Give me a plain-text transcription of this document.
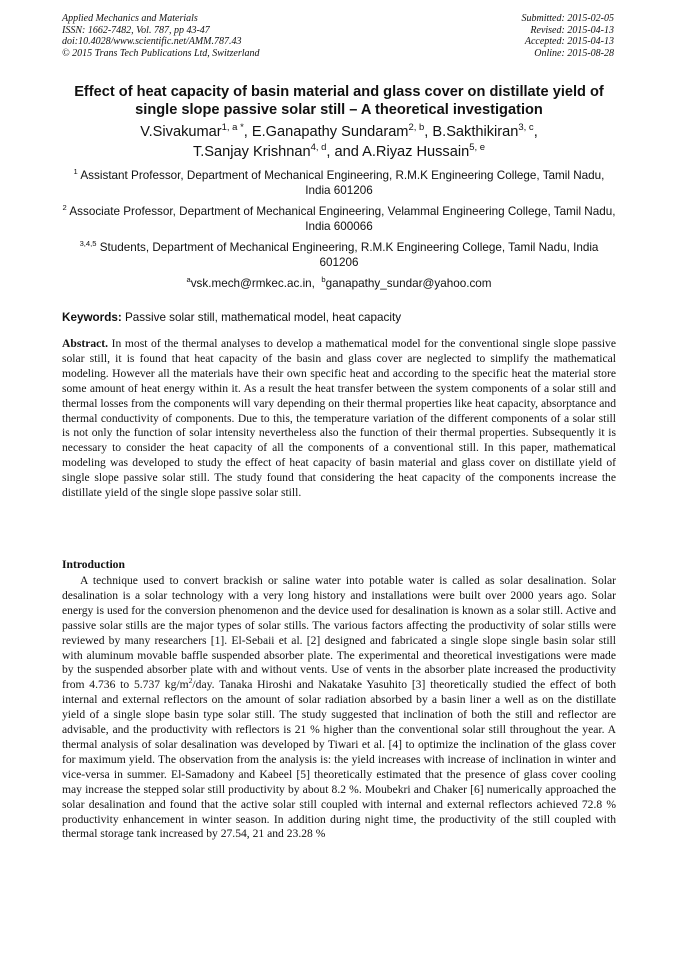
Applied Mechanics and Materials
ISSN: 1662-7482, Vol. 787, pp 43-47
doi:10.4028/www.scientific.net/AMM.787.43
© 2015 Trans Tech Publications Ltd, Switzerland
Submitted: 2015-02-05
Revised: 2015-04-13
Accepted: 2015-04-13
Online: 2015-08-28
Effect of heat capacity of basin material and glass cover on distillate yield of single slope passive solar still – A theoretical investigation
V.Sivakumar$^{1, a *}$, E.Ganapathy Sundaram$^{2, b}$, B.Sakthikiran$^{3, c}$,
T.Sanjay Krishnan$^{4, d}$, and A.Riyaz Hussain$^{5, e}$
$^1$ Assistant Professor, Department of Mechanical Engineering, R.M.K Engineering College, Tamil Nadu, India 601206
$^2$ Associate Professor, Department of Mechanical Engineering, Velammal Engineering College, Tamil Nadu, India 600066
$^{3,4,5}$ Students, Department of Mechanical Engineering, R.M.K Engineering College, Tamil Nadu, India 601206
$^a$vsk.mech@rmkec.ac.in,  $^b$ganapathy_sundar@yahoo.com
Keywords: Passive solar still, mathematical model, heat capacity
Abstract. In most of the thermal analyses to develop a mathematical model for the conventional single slope passive solar still, it is found that heat capacity of the basin and glass cover are neglected to simplify the mathematical modeling. However all the materials have their own specific heat and according to the specific heat the material store some amount of heat energy within it. As a result the heat transfer between the system components of a solar still and thermal losses from the components will vary depending on their thermal properties like heat capacity, absorptance and thermal conductivity of components. Due to this, the temperature variation of the different components of a solar still is not only the function of solar intensity nevertheless also the function of their thermal properties. Subsequently it is necessary to consider the heat capacity of all the components of a conventional still. In this paper, mathematical modeling was developed to study the effect of heat capacity of basin material and glass cover on distillate yield of single slope passive solar still. The study found that considering the heat capacity of the components increase the distillate yield of the single slope passive solar still.
Introduction
A technique used to convert brackish or saline water into potable water is called as solar desalination. Solar desalination is a solar technology with a very long history and installations were built over 2000 years ago. Solar energy is used for the conversion phenomenon and the device used for desalination is known as a solar still. Active and passive solar stills are the major types of solar stills. The various factors affecting the productivity of solar stills were reviewed by many researchers [1]. El-Sebaii et al. [2] designed and fabricated a single slope single basin solar still with aluminum movable baffle suspended absorber plate. The experimental and theoretical investigations were made by the suspended absorber plate with and without vents. Use of vents in the absorber plate increased the productivity from 4.736 to 5.737 $kg/m^2$/day. Tanaka Hiroshi and Nakatake Yasuhito [3] theoretically studied the effect of both internal and external reflectors on the amount of solar radiation absorbed by a basin liner a well as on the distillate yield of a single slope basin type solar still. The study suggested that inclination of both the still and reflector are advisable, and the productivity with reflectors is 21 % higher than the conventional solar still throughout the year. A thermal analysis of solar desalination was developed by Tiwari et al. [4] to optimize the inclination of the glass cover for maximum yield. The observation from the analysis is: the yield increases with increase of inclination in winter and vice-versa in summer. El-Samadony and Kabeel [5] theoretically estimated that the presence of glass cover cooling may increase the stepped solar still productivity by about 8.2 %. Moubekri and Chaker [6] numerically approached the solar desalination and found that the active solar still coupled with internal and external reflectors achieved 72.8 % productivity enhancement in winter season. In addition during night time, the productivity of the still coupled with thermal storage tank increased by 27.54, 21 and 23.28 %
